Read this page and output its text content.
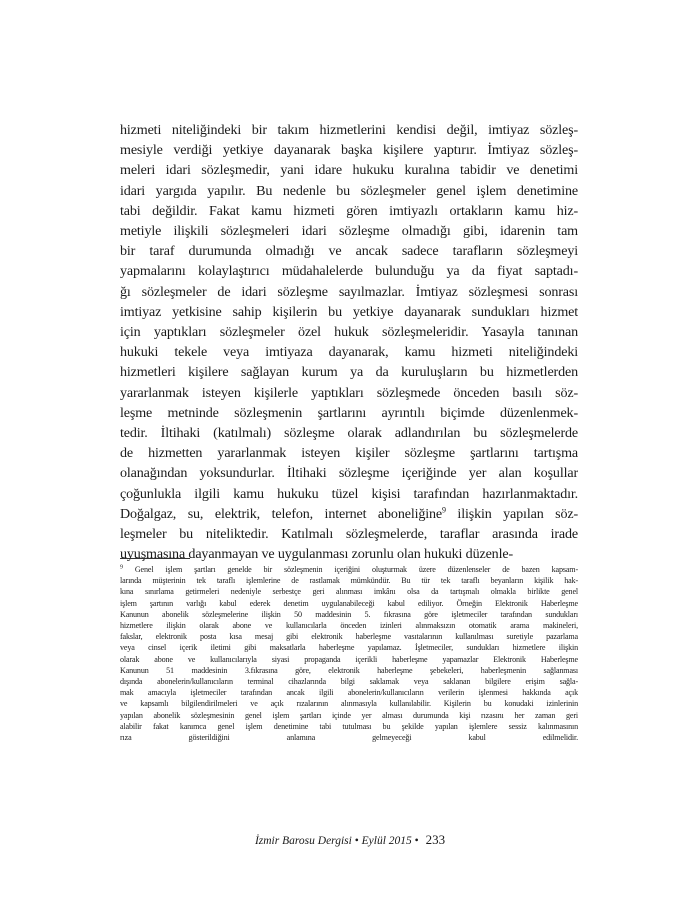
hizmeti niteliğindeki bir takım hizmetlerini kendisi değil, imtiyaz sözleş-
mesiyle verdiği yetkiye dayanarak başka kişilere yaptırır. İmtiyaz sözleş-
meleri idari sözleşmedir, yani idare hukuku kuralına tabidir ve denetimi
idari yargıda yapılır. Bu nedenle bu sözleşmeler genel işlem denetimine
tabi değildir. Fakat kamu hizmeti gören imtiyazlı ortakların kamu hiz-
metiyle ilişkili sözleşmeleri idari sözleşme olmadığı gibi, idarenin tam
bir taraf durumunda olmadığı ve ancak sadece tarafların sözleşmeyi
yapmalarını kolaylaştırıcı müdahalelerde bulunduğu ya da fiyat saptadı-
ğı sözleşmeler de idari sözleşme sayılmazlar. İmtiyaz sözleşmesi sonrası
imtiyaz yetkisine sahip kişilerin bu yetkiye dayanarak sundukları hizmet
için yaptıkları sözleşmeler özel hukuk sözleşmeleridir. Yasayla tanınan
hukuki tekele veya imtiyaza dayanarak, kamu hizmeti niteliğindeki
hizmetleri kişilere sağlayan kurum ya da kuruluşların bu hizmetlerden
yararlanmak isteyen kişilerle yaptıkları sözleşmede önceden basılı söz-
leşme metninde sözleşmenin şartlarını ayrıntılı biçimde düzenlenmek-
tedir. İltihaki (katılmalı) sözleşme olarak adlandırılan bu sözleşmelerde
de hizmetten yararlanmak isteyen kişiler sözleşme şartlarını tartışma
olanağından yoksundurlar. İltihaki sözleşme içeriğinde yer alan koşullar
çoğunlukla ilgili kamu hukuku tüzel kişisi tarafından hazırlanmaktadır.
Doğalgaz, su, elektrik, telefon, internet aboneliğine$^9$ ilişkin yapılan söz-
leşmeler bu niteliktedir. Katılmalı sözleşmelerde, taraflar arasında irade
uyuşmasına dayanmayan ve uygulanması zorunlu olan hukuki düzenle-
$^9$ Genel işlem şartları genelde bir sözleşmenin içeriğini oluşturmak üzere düzenlenseler de bazen kapsam-
larında müşterinin tek taraflı işlemlerine de rastlamak mümkündür. Bu tür tek taraflı beyanların kişilik hak-
kına sınırlama getirmeleri nedeniyle serbestçe geri alınması imkânı olsa da tartışmalı olmakla birlikte genel
işlem şartının varlığı kabul ederek denetim uygulanabileceği kabul ediliyor. Örneğin Elektronik Haberleşme
Kanunun abonelik sözleşmelerine ilişkin 50 maddesinin 5. fıkrasına göre işletmeciler tarafından sundukları
hizmetlere ilişkin olarak abone ve kullanıcılarla önceden izinleri alınmaksızın otomatik arama makineleri,
fakslar, elektronik posta kısa mesaj gibi elektronik haberleşme vasıtalarının kullanılması suretiyle pazarlama
veya cinsel içerik iletimi gibi maksatlarla haberleşme yapılamaz. İşletmeciler, sundukları hizmetlere ilişkin
olarak abone ve kullanıcılarıyla siyasi propaganda içerikli haberleşme yapamazlar Elektronik Haberleşme
Kanunun 51 maddesinin 3.fıkrasına göre, elektronik haberleşme şebekeleri, haberleşmenin sağlanması
dışında abonelerin/kullanıcıların terminal cihazlarında bilgi saklamak veya saklanan bilgilere erişim sağla-
mak amacıyla işletmeciler tarafından ancak ilgili abonelerin/kullanıcıların verilerin işlenmesi hakkında açık
ve kapsamlı bilgilendirilmeleri ve açık rızalarının alınmasıyla kullanılabilir. Kişilerin bu konudaki izinlerinin
yapılan abonelik sözleşmesinin genel işlem şartları içinde yer alması durumunda kişi rızasını her zaman geri
alabilir fakat kanımca genel işlem denetimine tabi tutulması bu şekilde yapılan işlemlere sessiz kalınmasının
rıza gösterildiğini anlamına gelmeyeceği kabul edilmelidir.
İzmir Barosu Dergisi • Eylül 2015 • 233
